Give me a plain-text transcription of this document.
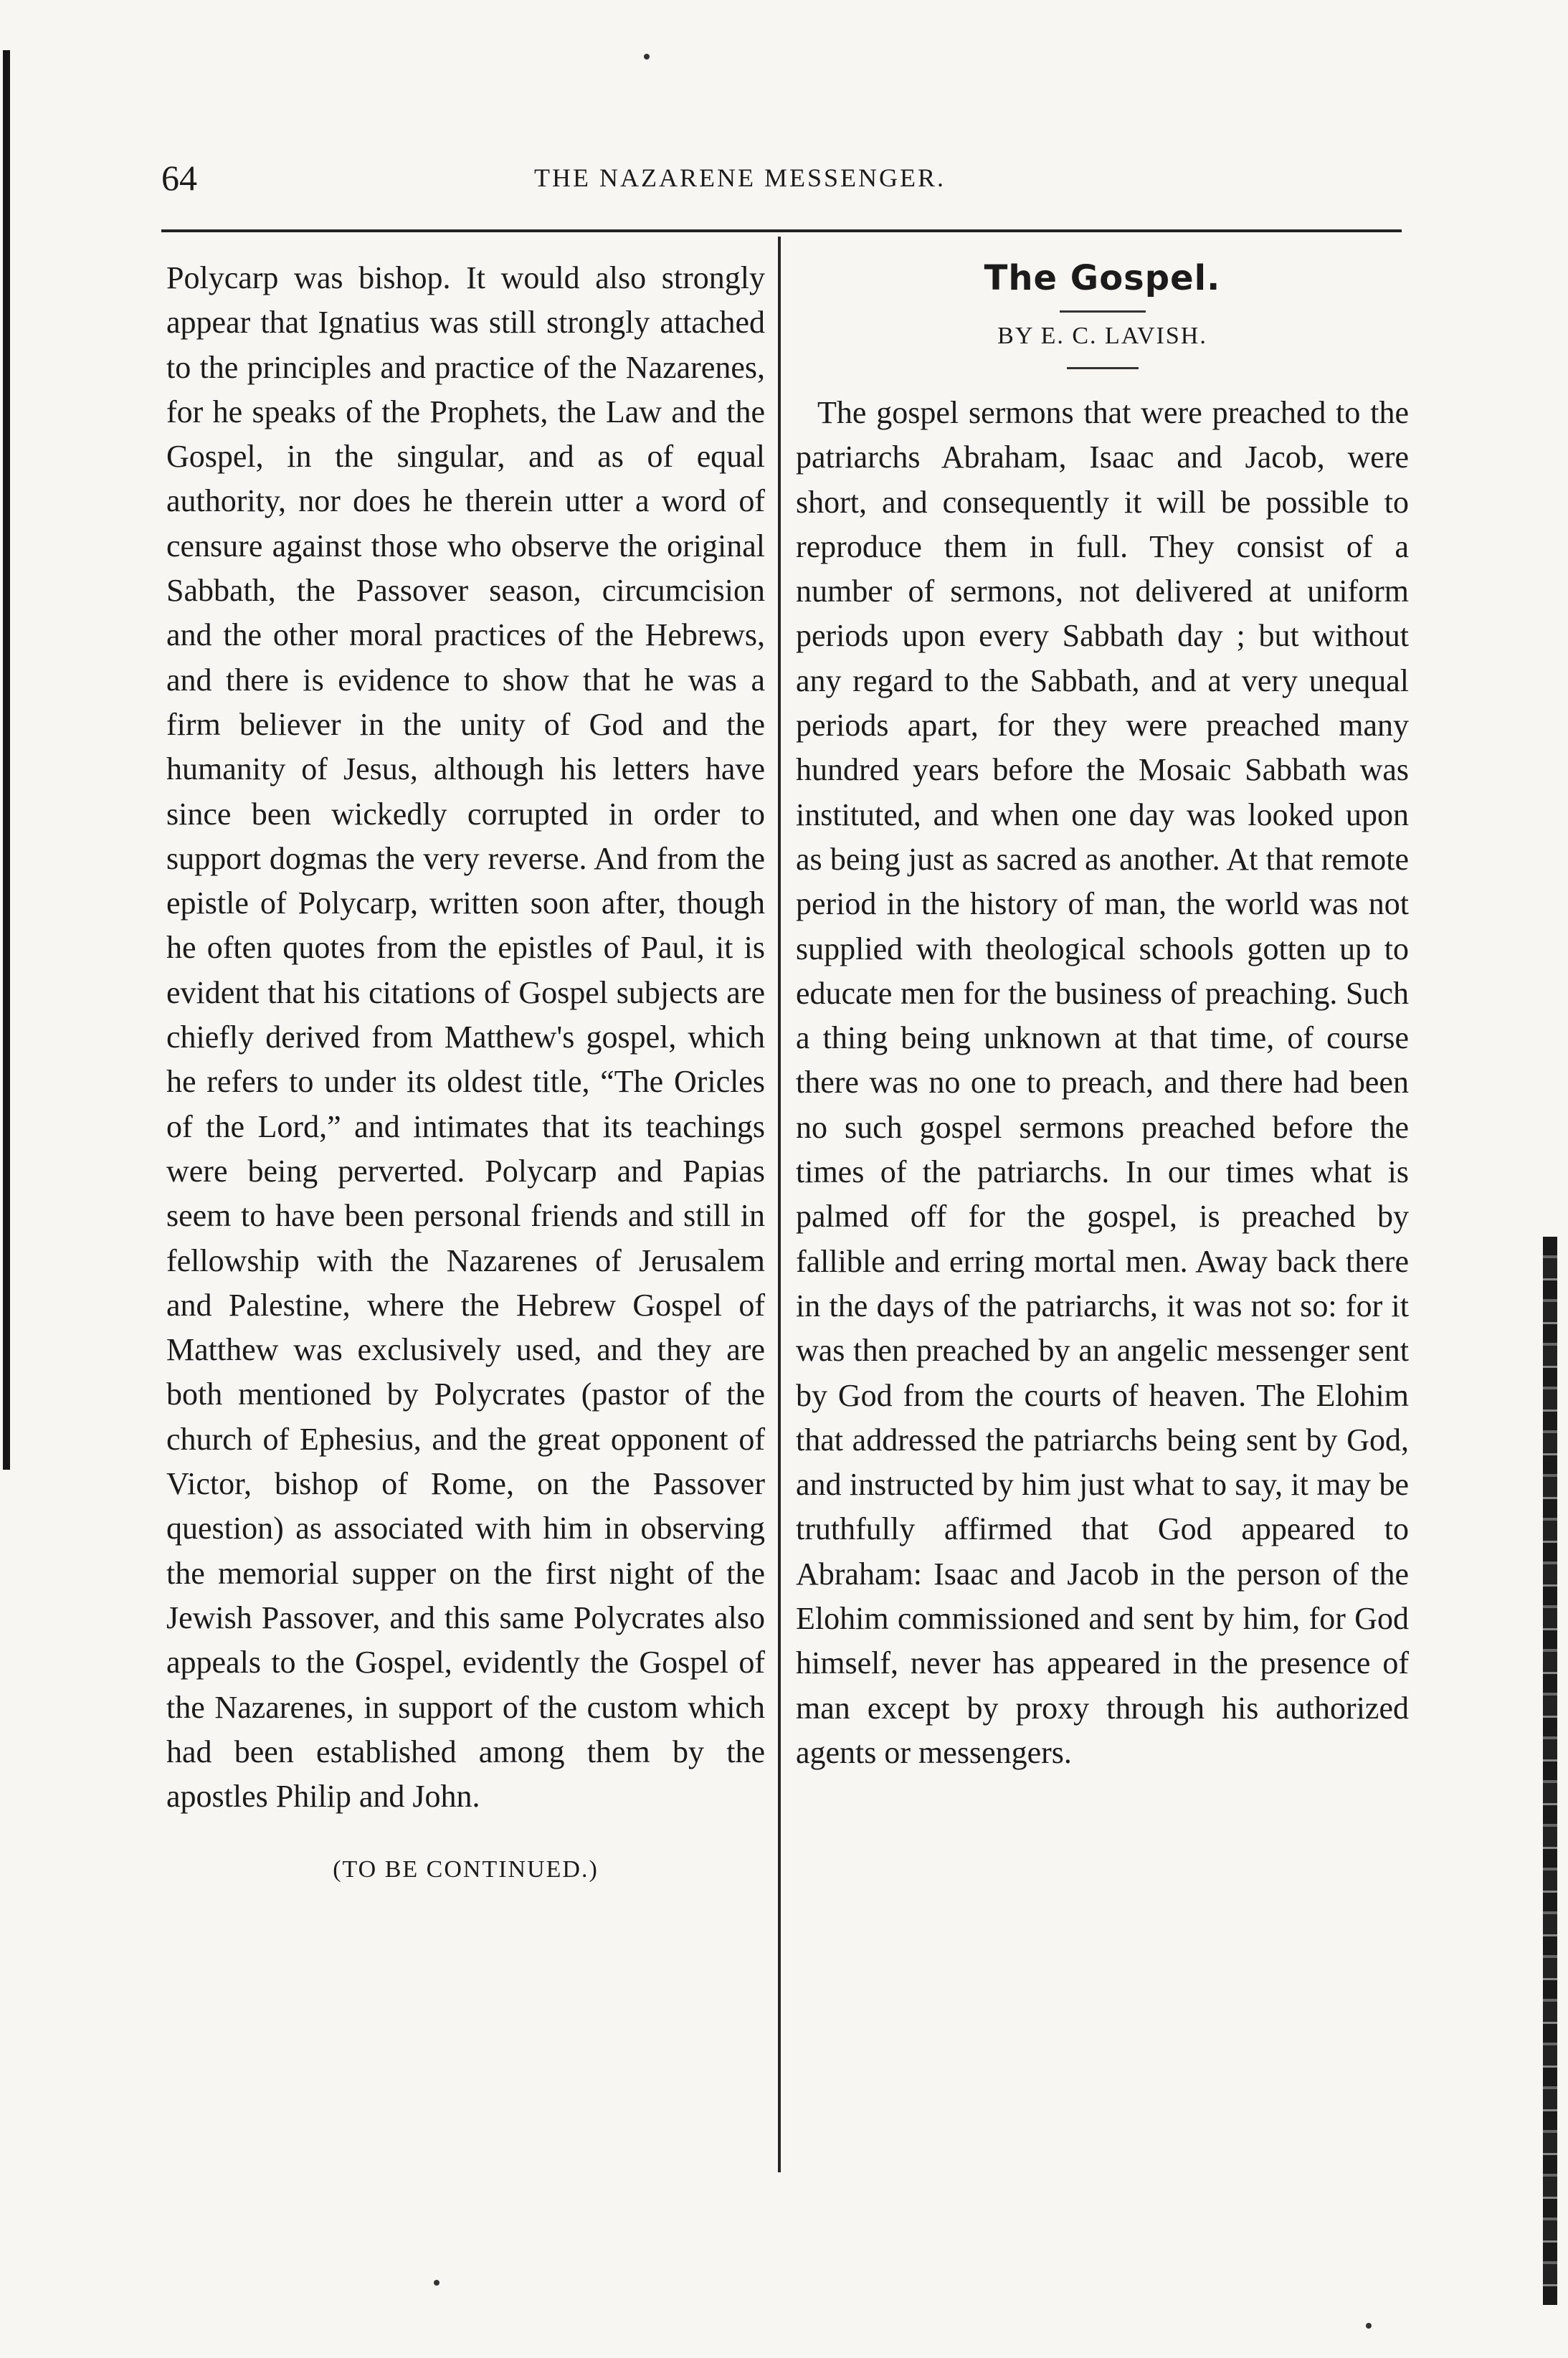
64	THE NAZARENE MESSENGER.

Polycarp was bishop. It would also strongly appear that Ignatius was still strongly attached to the principles and practice of the Nazarenes, for he speaks of the Prophets, the Law and the Gospel, in the singular, and as of equal authority, nor does he therein utter a word of censure against those who observe the original Sabbath, the Passover season, circumcision and the other moral practices of the Hebrews, and there is evidence to show that he was a firm believer in the unity of God and the humanity of Jesus, although his letters have since been wickedly corrupted in order to support dogmas the very reverse. And from the epistle of Polycarp, written soon after, though he often quotes from the epistles of Paul, it is evident that his citations of Gospel subjects are chiefly derived from Matthew's gospel, which he refers to under its oldest title, “The Oricles of the Lord,” and intimates that its teachings were being perverted. Polycarp and Papias seem to have been personal friends and still in fellowship with the Nazarenes of Jerusalem and Palestine, where the Hebrew Gospel of Matthew was exclusively used, and they are both mentioned by Polycrates (pastor of the church of Ephesius, and the great opponent of Victor, bishop of Rome, on the Passover question) as associated with him in observing the memorial supper on the first night of the Jewish Passover, and this same Polycrates also appeals to the Gospel, evidently the Gospel of the Nazarenes, in support of the custom which had been established among them by the apostles Philip and John.

(TO BE CONTINUED.)

The Gospel.

BY E. C. LAVISH.

The gospel sermons that were preached to the patriarchs Abraham, Isaac and Jacob, were short, and consequently it will be possible to reproduce them in full. They consist of a number of sermons, not delivered at uniform periods upon every Sabbath day ; but without any regard to the Sabbath, and at very unequal periods apart, for they were preached many hundred years before the Mosaic Sabbath was instituted, and when one day was looked upon as being just as sacred as another. At that remote period in the history of man, the world was not supplied with theological schools gotten up to educate men for the business of preaching. Such a thing being unknown at that time, of course there was no one to preach, and there had been no such gospel sermons preached before the times of the patriarchs. In our times what is palmed off for the gospel, is preached by fallible and erring mortal men. Away back there in the days of the patriarchs, it was not so: for it was then preached by an angelic messenger sent by God from the courts of heaven. The Elohim that addressed the patriarchs being sent by God, and instructed by him just what to say, it may be truthfully affirmed that God appeared to Abraham: Isaac and Jacob in the person of the Elohim commissioned and sent by him, for God himself, never has appeared in the presence of man except by proxy through his authorized agents or messengers.
